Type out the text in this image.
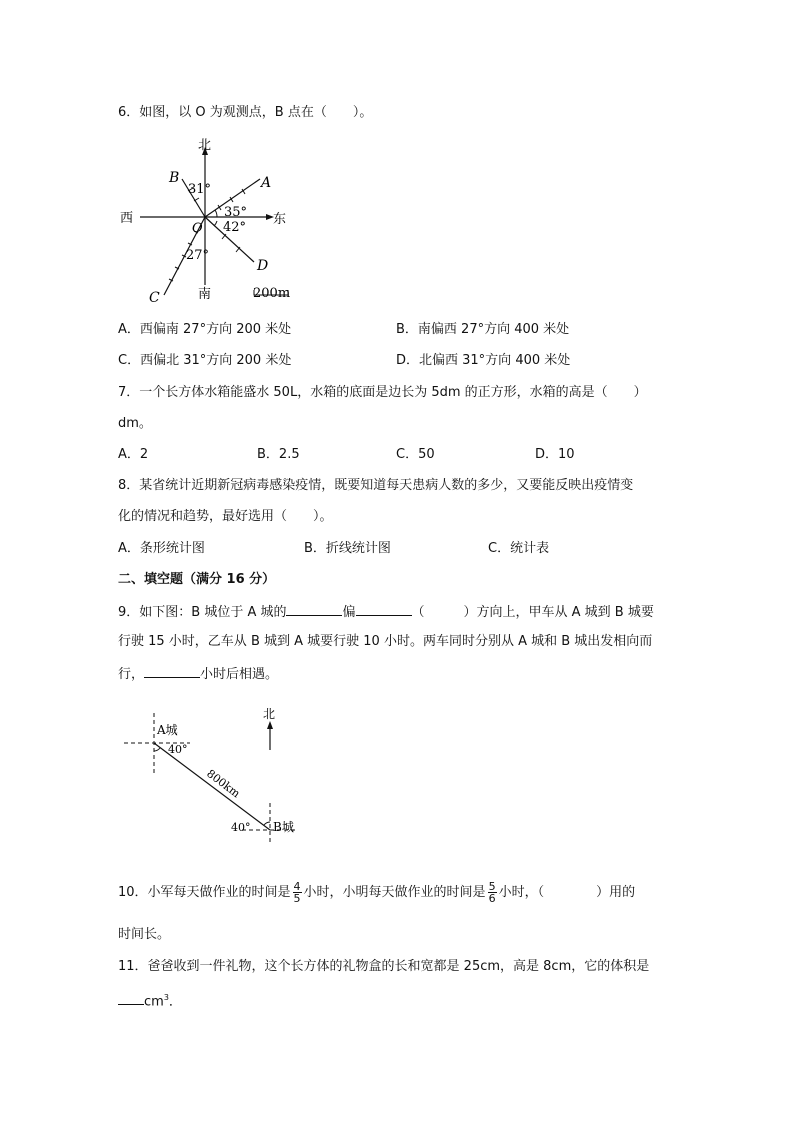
6．如图，以 O 为观测点，B 点在（　　）。
北
南
西	东
O
A
B
C
D
31°
35°
42°
27°
200m
A．西偏南 27°方向 200 米处	B．南偏西 27°方向 400 米处
C．西偏北 31°方向 200 米处	D．北偏西 31°方向 400 米处
7．一个长方体水箱能盛水 50L，水箱的底面是边长为 5dm 的正方形，水箱的高是（　　）
dm。
A．2	B．2.5	C．50	D．10
8．某省统计近期新冠病毒感染疫情，既要知道每天患病人数的多少，又要能反映出疫情变
化的情况和趋势，最好选用（　　）。
A．条形统计图	B．折线统计图	C．统计表
二、填空题（满分 16 分）
9．如下图：B 城位于 A 城的	偏	（　　　）方向上，甲车从 A 城到 B 城要
行驶 15 小时，乙车从 B 城到 A 城要行驶 10 小时。两车同时分别从 A 城和 B 城出发相向而
行，	小时后相遇。
北
A城
40°
800km
40° B城
10．小军每天做作业的时间是 $\frac{4}{5}$ 小时，小明每天做作业的时间是 $\frac{5}{6}$ 小时，（　　　　）用的
时间长。
11．爸爸收到一件礼物，这个长方体的礼物盒的长和宽都是 25cm，高是 8cm，它的体积是
$cm^3$．
